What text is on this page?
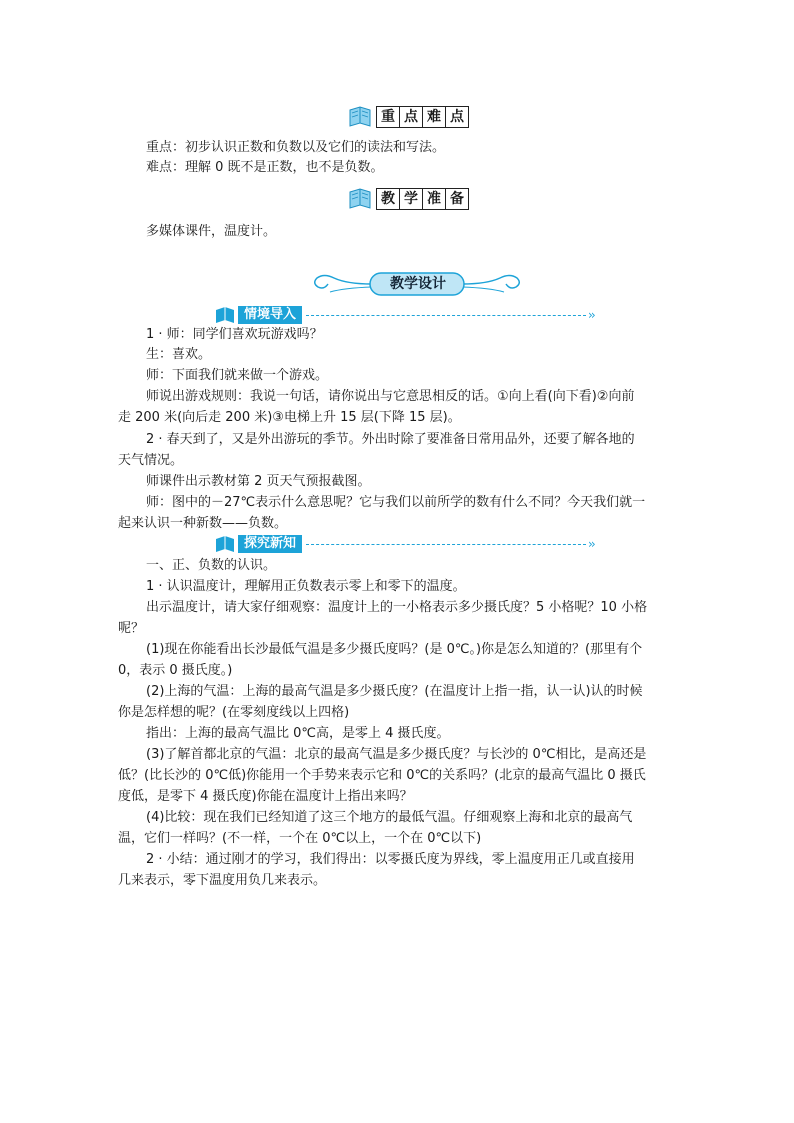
重 点 难 点
重点：初步认识正数和负数以及它们的读法和写法。
难点：理解 0 既不是正数，也不是负数。
教 学 准 备
多媒体课件，温度计。
教学设计
情境导入	››
1 · 师：同学们喜欢玩游戏吗？
生：喜欢。
师：下面我们就来做一个游戏。
师说出游戏规则：我说一句话，请你说出与它意思相反的话。①向上看(向下看)②向前
走 200 米(向后走 200 米)③电梯上升 15 层(下降 15 层)。
2 · 春天到了，又是外出游玩的季节。外出时除了要准备日常用品外，还要了解各地的
天气情况。
师课件出示教材第 2 页天气预报截图。
师：图中的－27℃表示什么意思呢？它与我们以前所学的数有什么不同？今天我们就一
起来认识一种新数——负数。
探究新知	››
一、正、负数的认识。
1 · 认识温度计，理解用正负数表示零上和零下的温度。
出示温度计，请大家仔细观察：温度计上的一小格表示多少摄氏度？5 小格呢？10 小格
呢？
(1)现在你能看出长沙最低气温是多少摄氏度吗？(是 0℃。)你是怎么知道的？(那里有个
0，表示 0 摄氏度。)
(2)上海的气温：上海的最高气温是多少摄氏度？(在温度计上指一指，认一认)认的时候
你是怎样想的呢？(在零刻度线以上四格)
指出：上海的最高气温比 0℃高，是零上 4 摄氏度。
(3)了解首都北京的气温：北京的最高气温是多少摄氏度？与长沙的 0℃相比，是高还是
低？(比长沙的 0℃低)你能用一个手势来表示它和 0℃的关系吗？(北京的最高气温比 0 摄氏
度低，是零下 4 摄氏度)你能在温度计上指出来吗？
(4)比较：现在我们已经知道了这三个地方的最低气温。仔细观察上海和北京的最高气
温，它们一样吗？(不一样，一个在 0℃以上，一个在 0℃以下)
2 · 小结：通过刚才的学习，我们得出：以零摄氏度为界线，零上温度用正几或直接用
几来表示，零下温度用负几来表示。
